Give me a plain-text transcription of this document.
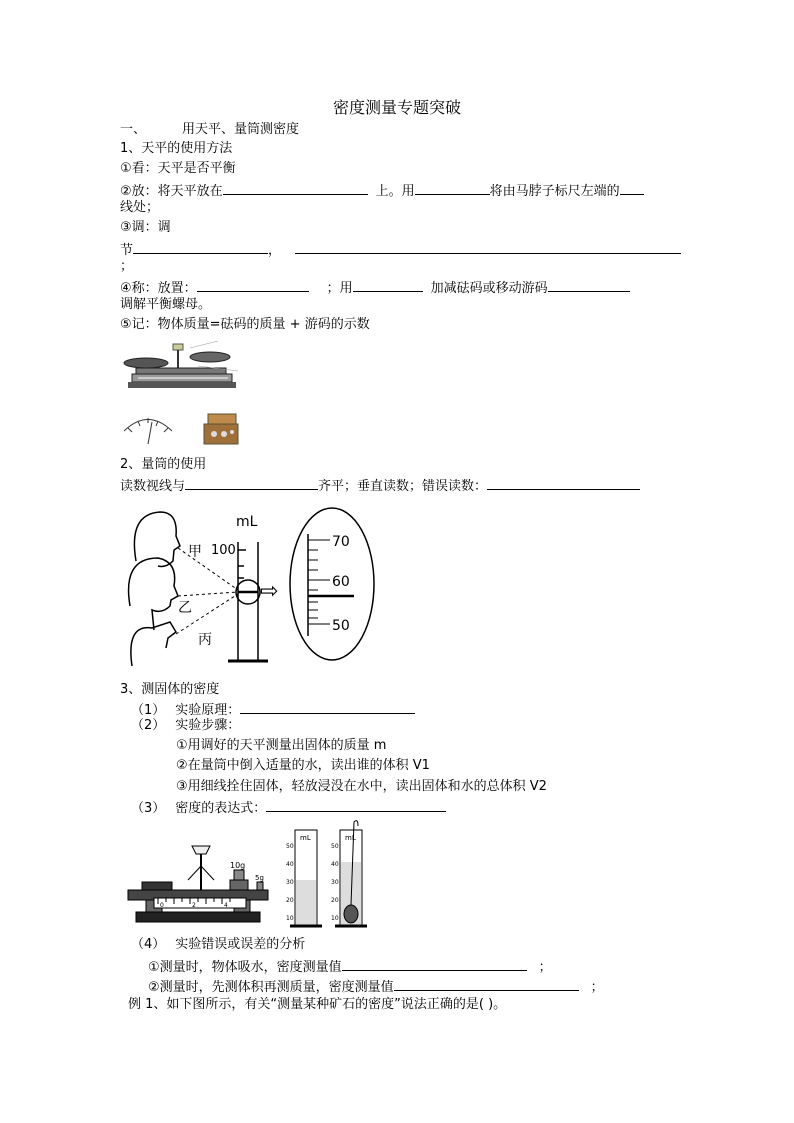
密度测量专题突破
一、	用天平、量筒测密度
1、天平的使用方法
①看：天平是否平衡
②放：将天平放在	上。用	将由马脖子标尺左端的
线处；
③调：调
节	，
；
④称：放置：	；用	加减砝码或移动游码
调解平衡螺母。
⑤记：物体质量=砝码的质量 + 游码的示数
2、量筒的使用
读数视线与	齐平；垂直读数；错误读数：
甲
乙
丙
mL
100
⇨
70
60
50
3、测固体的密度
（1） 实验原理：
（2） 实验步骤：
①用调好的天平测量出固体的质量 m
②在量筒中倒入适量的水，读出谁的体积 V1
③用细线拴住固体，轻放浸没在水中，读出固体和水的总体积 V2
（3） 密度的表达式：
10g
5g
0	2	4
mL	mL
50
40
30
20
10
50
40
30
20
10
（4） 实验错误或误差的分析
①测量时，物体吸水，密度测量值	；
②测量时，先测体积再测质量，密度测量值	；
例 1、如下图所示，有关“测量某种矿石的密度”说法正确的是( )。
